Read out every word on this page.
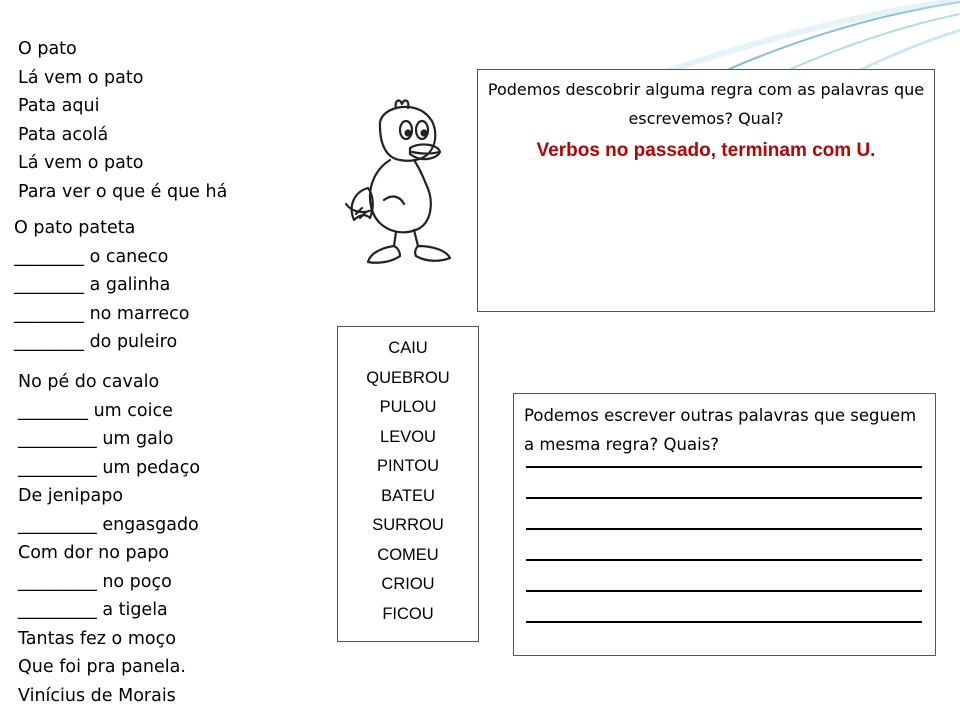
O pato
Lá vem o pato
Pata aqui
Pata acolá
Lá vem o pato
Para ver o que é que há
O pato pateta
________ o caneco
________ a galinha
________ no marreco
________ do puleiro
No pé do cavalo
________ um coice
_________ um galo
_________ um pedaço
De jenipapo
_________ engasgado
Com dor no papo
_________ no poço
_________ a tigela
Tantas fez o moço
Que foi pra panela.
Vinícius de Morais
Podemos descobrir alguma regra com as palavras que escrevemos? Qual?
Verbos no passado, terminam com U.
CAIU
QUEBROU
PULOU
LEVOU
PINTOU
BATEU
SURROU
COMEU
CRIOU
FICOU
Podemos escrever outras palavras que seguem a mesma regra? Quais?
